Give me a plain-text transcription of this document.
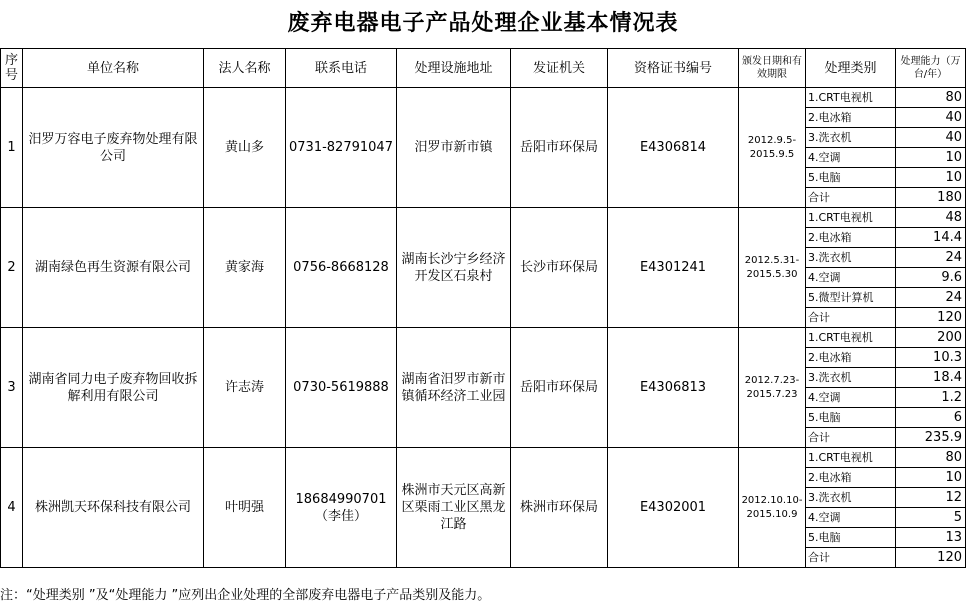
废弃电器电子产品处理企业基本情况表
序号	单位名称	法人名称	联系电话	处理设施地址	发证机关	资格证书编号	颁发日期和有效期限	处理类别	处理能力（万台/年）
1	汨罗万容电子废弃物处理有限公司	黄山多	0731-82791047	汨罗市新市镇	岳阳市环保局	E4306814	2012.9.5-2015.9.5	1.CRT电视机	80
								2.电冰箱	40
								3.洗衣机	40
								4.空调	10
								5.电脑	10
								合计	180
2	湖南绿色再生资源有限公司	黄家海	0756-8668128	湖南长沙宁乡经济开发区石泉村	长沙市环保局	E4301241	2012.5.31-2015.5.30	1.CRT电视机	48
								2.电冰箱	14.4
								3.洗衣机	24
								4.空调	9.6
								5.微型计算机	24
								合计	120
3	湖南省同力电子废弃物回收拆解利用有限公司	许志涛	0730-5619888	湖南省汨罗市新市镇循环经济工业园	岳阳市环保局	E4306813	2012.7.23-2015.7.23	1.CRT电视机	200
								2.电冰箱	10.3
								3.洗衣机	18.4
								4.空调	1.2
								5.电脑	6
								合计	235.9
4	株洲凯天环保科技有限公司	叶明强	18684990701（李佳）	株洲市天元区高新区栗雨工业区黑龙江路	株洲市环保局	E4302001	2012.10.10-2015.10.9	1.CRT电视机	80
								2.电冰箱	10
								3.洗衣机	12
								4.空调	5
								5.电脑	13
								合计	120
注：“处理类别 ”及“处理能力 ”应列出企业处理的全部废弃电器电子产品类别及能力。
